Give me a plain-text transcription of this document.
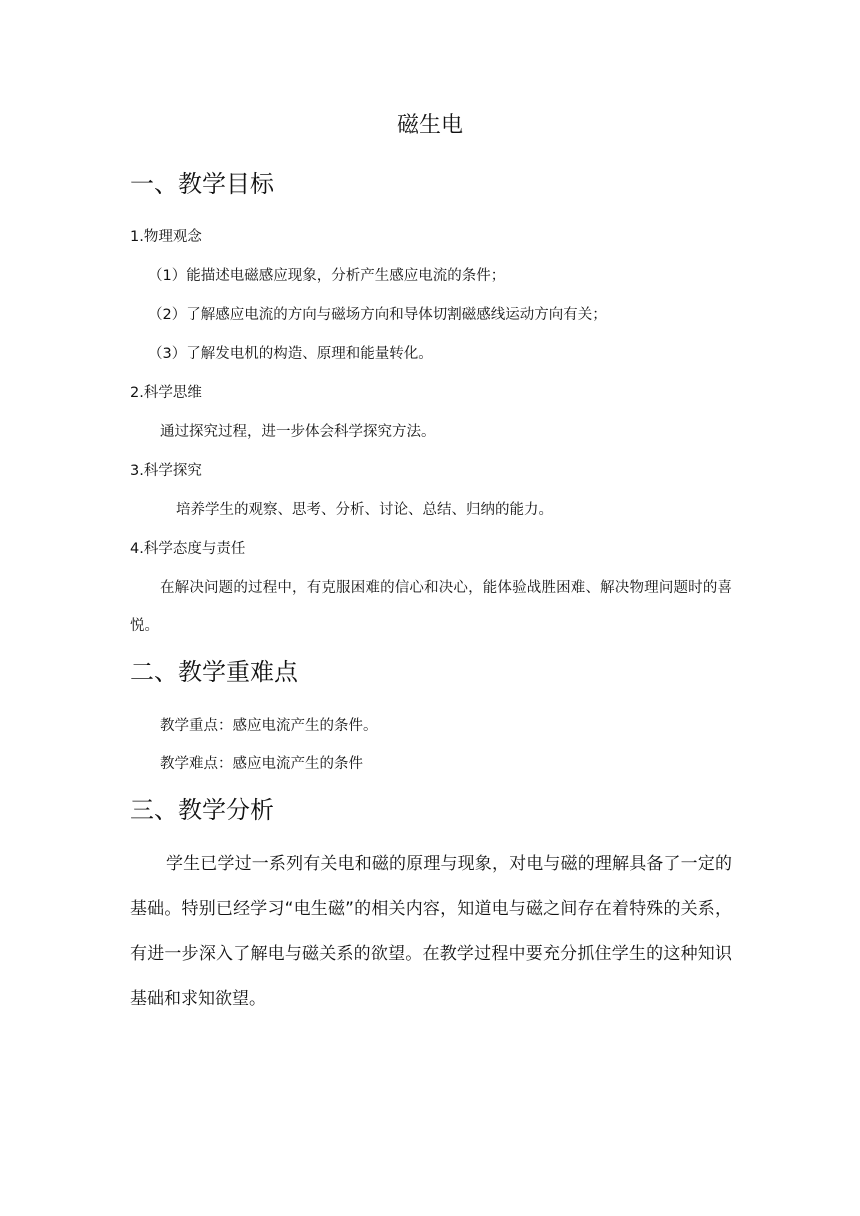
磁生电
一、教学目标
1.物理观念
（1）能描述电磁感应现象，分析产生感应电流的条件；
（2）了解感应电流的方向与磁场方向和导体切割磁感线运动方向有关；
（3）了解发电机的构造、原理和能量转化。
2.科学思维
通过探究过程，进一步体会科学探究方法。
3.科学探究
培养学生的观察、思考、分析、讨论、总结、归纳的能力。
4.科学态度与责任
在解决问题的过程中，有克服困难的信心和决心，能体验战胜困难、解决物理问题时的喜悦。
二、教学重难点
教学重点：感应电流产生的条件。
教学难点：感应电流产生的条件
三、教学分析
学生已学过一系列有关电和磁的原理与现象，对电与磁的理解具备了一定的基础。特别已经学习“电生磁”的相关内容，知道电与磁之间存在着特殊的关系，有进一步深入了解电与磁关系的欲望。在教学过程中要充分抓住学生的这种知识基础和求知欲望。
